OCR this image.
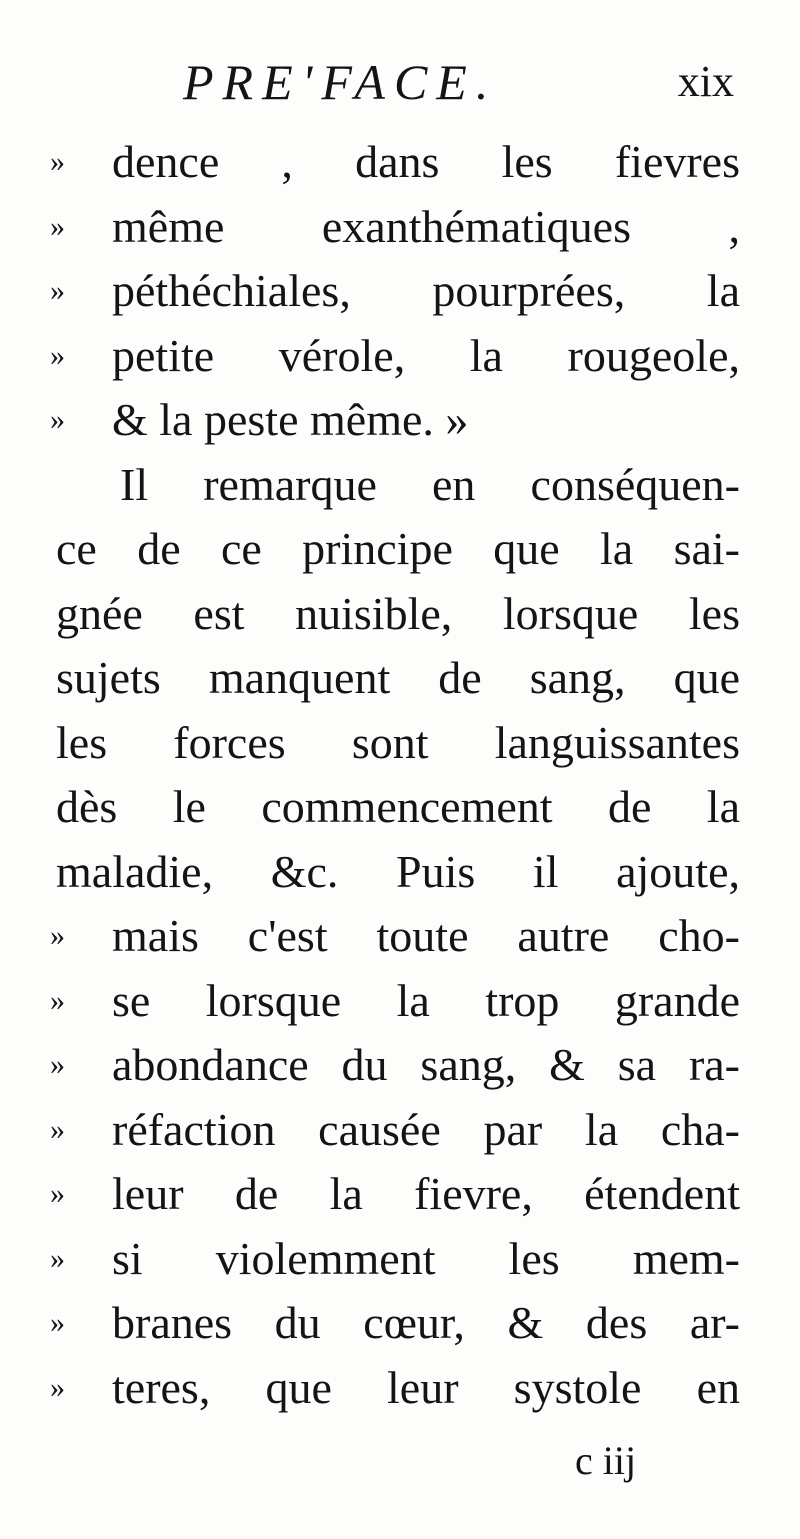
PRE'FACE.	xix
»	dence , dans les fievres
»	même exanthématiques ,
»	péthéchiales, pourprées, la
»	petite vérole, la rougeole,
»	& la peste même. »
Il remarque en conséquen-
ce de ce principe que la sai-
gnée est nuisible, lorsque les
sujets manquent de sang, que
les forces sont languissantes
dès le commencement de la
maladie, &c. Puis il ajoute,
»	mais c'est toute autre cho-
»	se lorsque la trop grande
»	abondance du sang, & sa ra-
»	réfaction causée par la cha-
»	leur de la fievre, étendent
»	si violemment les mem-
»	branes du cœur, & des ar-
»	teres, que leur systole en
c iij
